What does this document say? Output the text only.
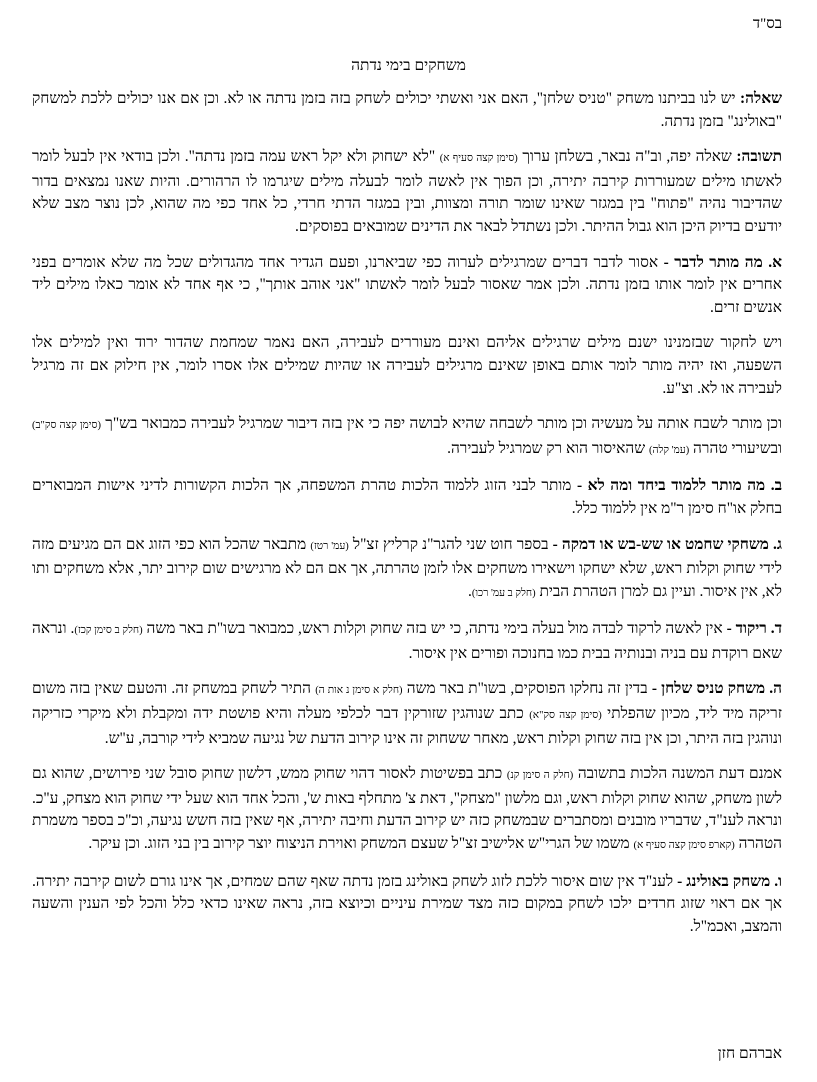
בס"ד
משחקים בימי נדתה

שאלה: יש לנו בביתנו משחק "טניס שלחן", האם אני ואשתי יכולים לשחק בזה בזמן נדתה או לא. וכן אם אנו יכולים ללכת למשחק "באולינג" בזמן נדתה.

תשובה: שאלה יפה, וב"ה נבאר, בשלחן ערוך (סימן קצה סעיף א) "לא ישחוק ולא יקל ראש עמה בזמן נדתה". ולכן בודאי אין לבעל לומר לאשתו מילים שמעוררות קירבה יתירה, וכן הפוך אין לאשה לומר לבעלה מילים שיגרמו לו הרהורים. והיות שאנו נמצאים בדור שהדיבור נהיה "פתוח" בין במגזר שאינו שומר תורה ומצוות, ובין במגזר הדתי חרדי, כל אחד כפי מה שהוא, לכן נוצר מצב שלא יודעים בדיוק היכן הוא גבול ההיתר. ולכן נשתדל לבאר את הדינים שמובאים בפוסקים.

א. מה מותר לדבר - אסור לדבר דברים שמרגילים לערוה כפי שביארנו, ופעם הגדיר אחד מהגדולים שכל מה שלא אומרים בפני אחרים אין לומר אותו בזמן נדתה. ולכן אמר שאסור לבעל לומר לאשתו "אני אוהב אותך", כי אף אחד לא אומר כאלו מילים ליד אנשים זרים.

ויש לחקור שבזמנינו ישנם מילים שרגילים אליהם ואינם מעוררים לעבירה, האם נאמר שמחמת שהדור ירוד ואין למילים אלו השפעה, ואז יהיה מותר לומר אותם באופן שאינם מרגילים לעבירה או שהיות שמילים אלו אסרו לומר, אין חילוק אם זה מרגיל לעבירה או לא. וצ"ע.

וכן מותר לשבח אותה על מעשיה וכן מותר לשבחה שהיא לבושה יפה כי אין בזה דיבור שמרגיל לעבירה כמבואר בש"ך (סימן קצה סק"ב) ובשיעורי טהרה (עמ' קלה) שהאיסור הוא רק שמרגיל לעבירה.

ב. מה מותר ללמוד ביחד ומה לא - מותר לבני הזוג ללמוד הלכות טהרת המשפחה, אך הלכות הקשורות לדיני אישות המבוארים בחלק או"ח סימן ר"מ אין ללמוד כלל.

ג. משחקי שחמט או שש-בש או דמקה - בספר חוט שני להגר"נ קרליץ זצ"ל (עמ' רטז) מתבאר שהכל הוא כפי הזוג אם הם מגיעים מזה לידי שחוק וקלות ראש, שלא ישחקו וישאירו משחקים אלו לזמן טהרתה, אך אם הם לא מרגישים שום קירוב יתר, אלא משחקים ותו לא, אין איסור. ועיין גם למרן הטהרת הבית (חלק ב עמ' רכו).

ד. ריקוד - אין לאשה לרקוד לבדה מול בעלה בימי נדתה, כי יש בזה שחוק וקלות ראש, כמבואר בשו"ת באר משה (חלק ב סימן קכז). ונראה שאם רוקדת עם בניה ובנותיה בבית כמו בחנוכה ופורים אין איסור.

ה. משחק טניס שלחן - בדין זה נחלקו הפוסקים, בשו"ת באר משה (חלק א סימן נ אות ה) התיר לשחק במשחק זה. והטעם שאין בזה משום זריקה מיד ליד, מכיון שהפלתי (סימן קצה סק"א) כתב שנוהגין שזורקין דבר לכלפי מעלה והיא פושטת ידה ומקבלת ולא מיקרי כזריקה ונוהגין בזה היתר, וכן אין בזה שחוק וקלות ראש, מאחר ששחוק זה אינו קירוב הדעת של נגיעה שמביא לידי קורבה, ע"ש.

אמנם דעת המשנה הלכות בתשובה (חלק ה סימן קנ) כתב בפשיטות לאסור דהוי שחוק ממש, דלשון שחוק סובל שני פירושים, שהוא גם לשון משחק, שהוא שחוק וקלות ראש, וגם מלשון "מצחק", דאת צ' מתחלף באות ש', והכל אחד הוא שעל ידי שחוק הוא מצחק, ע"כ. ונראה לענ"ד, שדבריו מובנים ומסתברים שבמשחק כזה יש קירוב הדעת וחיבה יתירה, אף שאין בזה חשש נגיעה, וכ"כ בספר משמרת הטהרה (קארפ סימן קצה סעיף א) משמו של הגרי"ש אלישיב זצ"ל שעצם המשחק ואוירת הניצוח יוצר קירוב בין בני הזוג. וכן עיקר.

ו. משחק באולינג - לענ"ד אין שום איסור ללכת לזוג לשחק באולינג בזמן נדתה שאף שהם שמחים, אך אינו גורם לשום קירבה יתירה. אך אם ראוי שזוג חרדים ילכו לשחק במקום כזה מצד שמירת עיניים וכיוצא בזה, נראה שאינו כדאי כלל והכל לפי הענין והשעה והמצב, ואכמ"ל.

אברהם חזן
